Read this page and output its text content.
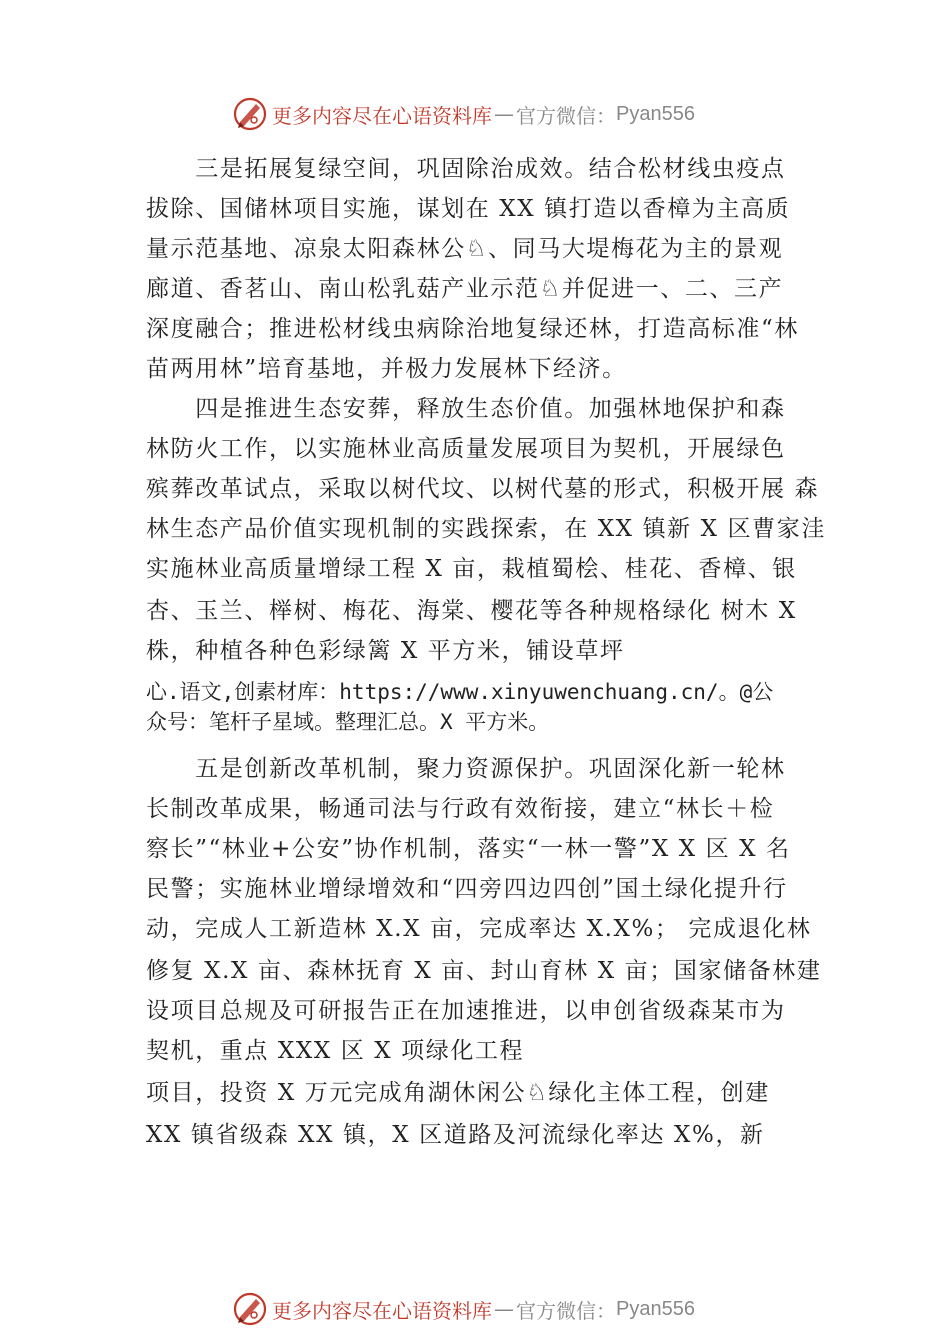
更多内容尽在心语资料库 — 官方微信： Pyan556
　　三是拓展复绿空间，巩固除治成效。结合松材线虫疫点
拔除、国储林项目实施，谋划在 XX 镇打造以香樟为主高质
量示范基地、凉泉太阳森林公♘、同马大堤梅花为主的景观
廊道、香茗山、南山松乳菇产业示范♘并促进一、二、三产
深度融合；推进松材线虫病除治地复绿还林，打造高标准“林
苗两用林”培育基地，并极力发展林下经济。
　　四是推进生态安葬，释放生态价值。加强林地保护和森
林防火工作，以实施林业高质量发展项目为契机，开展绿色
殡葬改革试点，采取以树代坟、以树代墓的形式，积极开展 森
林生态产品价值实现机制的实践探索，在 XX 镇新 X 区曹家洼
实施林业高质量增绿工程 X 亩，栽植蜀桧、桂花、香樟、银
杏、玉兰、榉树、梅花、海棠、樱花等各种规格绿化 树木 X
株，种植各种色彩绿篱 X 平方米，铺设草坪
心.语文,创素材库：https://www.xinyuwenchuang.cn/。@公
众号：笔杆子星域。整理汇总。X 平方米。
　　五是创新改革机制，聚力资源保护。巩固深化新一轮林
长制改革成果，畅通司法与行政有效衔接，建立“林长＋检
察长”“林业+公安”协作机制，落实“一林一警”X X 区 X 名
民警；实施林业增绿增效和“四旁四边四创”国土绿化提升行
动，完成人工新造林 X.X 亩，完成率达 X.X%； 完成退化林
修复 X.X 亩、森林抚育 X 亩、封山育林 X 亩；国家储备林建
设项目总规及可研报告正在加速推进，以申创省级森某市为
契机，重点 XXX 区 X 项绿化工程
项目，投资 X 万元完成角湖休闲公♘绿化主体工程，创建
XX 镇省级森 XX 镇，X 区道路及河流绿化率达 X%，新
更多内容尽在心语资料库 — 官方微信： Pyan556
